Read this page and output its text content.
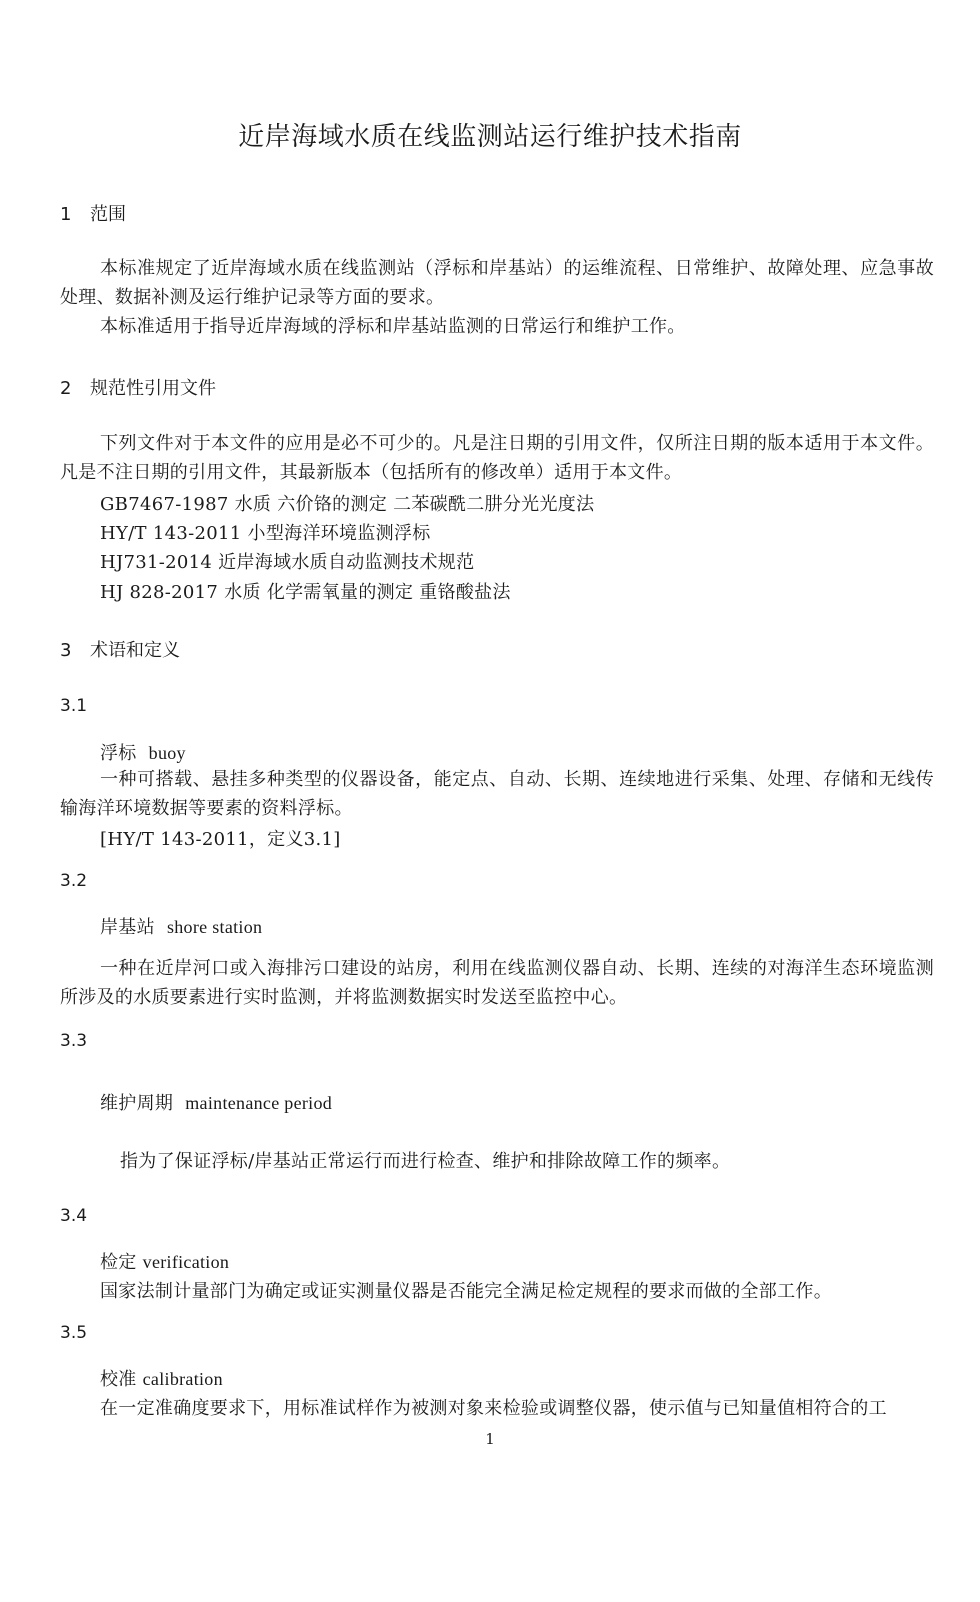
近岸海域水质在线监测站运行维护技术指南
1 范围
本标准规定了近岸海域水质在线监测站（浮标和岸基站）的运维流程、日常维护、故障处理、应急事故处理、数据补测及运行维护记录等方面的要求。
本标准适用于指导近岸海域的浮标和岸基站监测的日常运行和维护工作。
2 规范性引用文件
下列文件对于本文件的应用是必不可少的。凡是注日期的引用文件，仅所注日期的版本适用于本文件。凡是不注日期的引用文件，其最新版本（包括所有的修改单）适用于本文件。
GB7467-1987 水质 六价铬的测定 二苯碳酰二肼分光光度法
HY/T 143-2011 小型海洋环境监测浮标
HJ731-2014 近岸海域水质自动监测技术规范
HJ 828-2017 水质 化学需氧量的测定 重铬酸盐法
3 术语和定义
3.1
浮标 buoy
一种可搭载、悬挂多种类型的仪器设备，能定点、自动、长期、连续地进行采集、处理、存储和无线传输海洋环境数据等要素的资料浮标。
[HY/T 143-2011，定义3.1]
3.2
岸基站 shore station
一种在近岸河口或入海排污口建设的站房，利用在线监测仪器自动、长期、连续的对海洋生态环境监测所涉及的水质要素进行实时监测，并将监测数据实时发送至监控中心。
3.3
维护周期 maintenance period
指为了保证浮标/岸基站正常运行而进行检查、维护和排除故障工作的频率。
3.4
检定 verification
国家法制计量部门为确定或证实测量仪器是否能完全满足检定规程的要求而做的全部工作。
3.5
校准 calibration
在一定准确度要求下，用标准试样作为被测对象来检验或调整仪器，使示值与已知量值相符合的工
1
